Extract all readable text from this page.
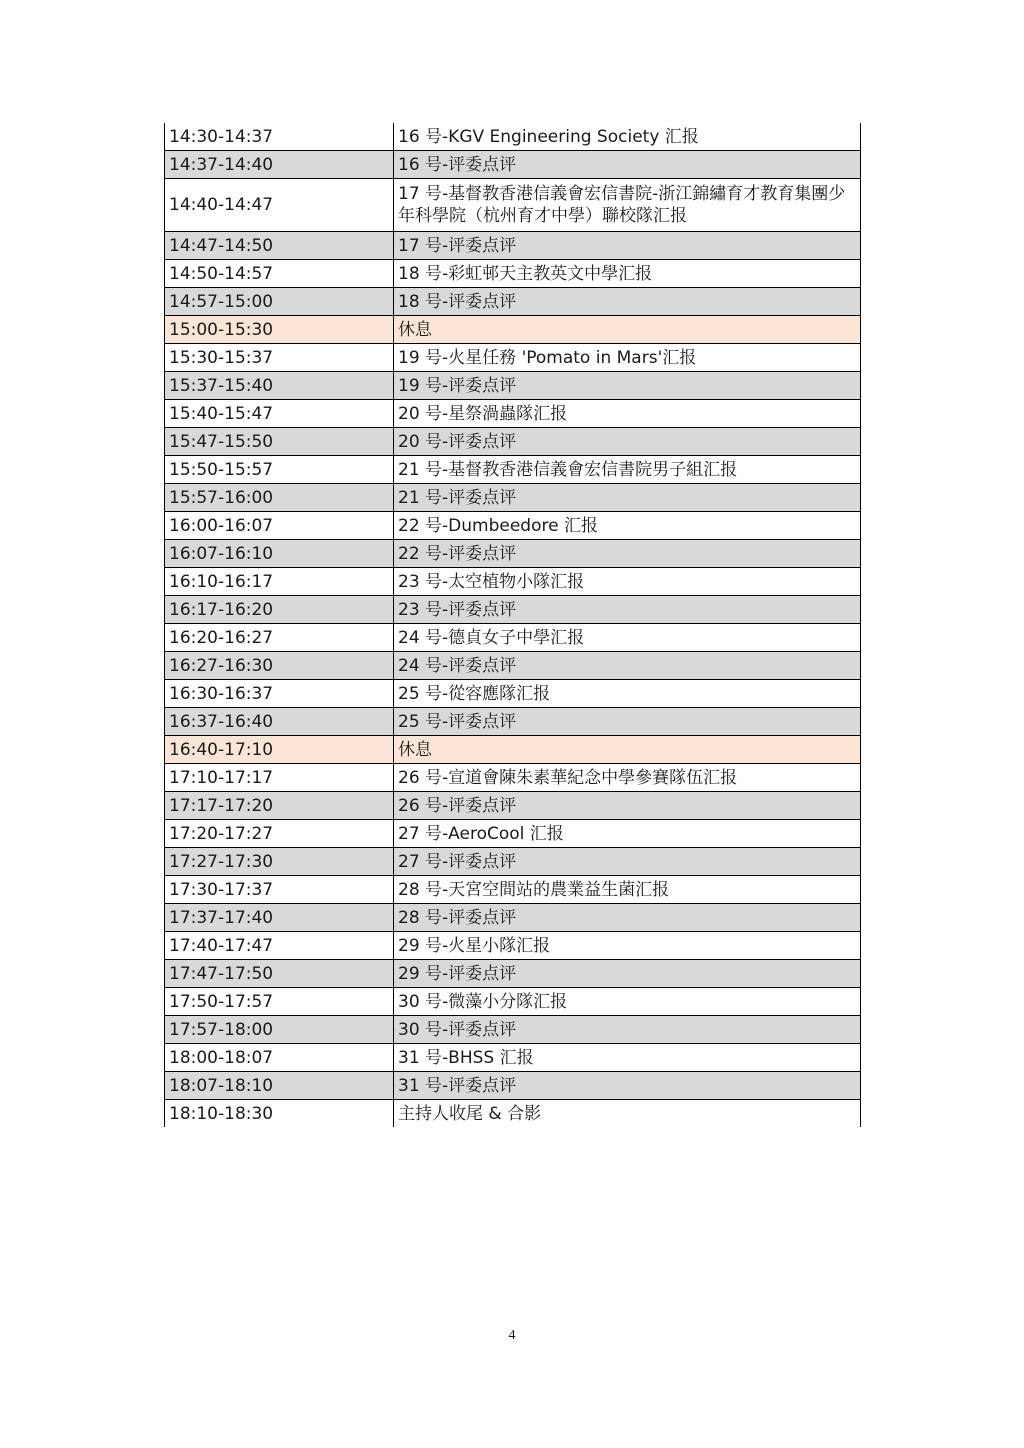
14:30-14:37	16 号-KGV Engineering Society 汇报
14:37-14:40	16 号-评委点评
14:40-14:47	17 号-基督教香港信義會宏信書院-浙江錦繡育才教育集團少年科學院（杭州育才中學）聯校隊汇报
14:47-14:50	17 号-评委点评
14:50-14:57	18 号-彩虹邨天主教英文中學汇报
14:57-15:00	18 号-评委点评
15:00-15:30	休息
15:30-15:37	19 号-火星任務 'Pomato in Mars'汇报
15:37-15:40	19 号-评委点评
15:40-15:47	20 号-星祭渦蟲隊汇报
15:47-15:50	20 号-评委点评
15:50-15:57	21 号-基督教香港信義會宏信書院男子組汇报
15:57-16:00	21 号-评委点评
16:00-16:07	22 号-Dumbeedore 汇报
16:07-16:10	22 号-评委点评
16:10-16:17	23 号-太空植物小隊汇报
16:17-16:20	23 号-评委点评
16:20-16:27	24 号-德貞女子中學汇报
16:27-16:30	24 号-评委点评
16:30-16:37	25 号-從容應隊汇报
16:37-16:40	25 号-评委点评
16:40-17:10	休息
17:10-17:17	26 号-宣道會陳朱素華紀念中學參賽隊伍汇报
17:17-17:20	26 号-评委点评
17:20-17:27	27 号-AeroCool 汇报
17:27-17:30	27 号-评委点评
17:30-17:37	28 号-天宮空間站的農業益生菌汇报
17:37-17:40	28 号-评委点评
17:40-17:47	29 号-火星小隊汇报
17:47-17:50	29 号-评委点评
17:50-17:57	30 号-微藻小分隊汇报
17:57-18:00	30 号-评委点评
18:00-18:07	31 号-BHSS 汇报
18:07-18:10	31 号-评委点评
18:10-18:30	主持人收尾 & 合影
4
